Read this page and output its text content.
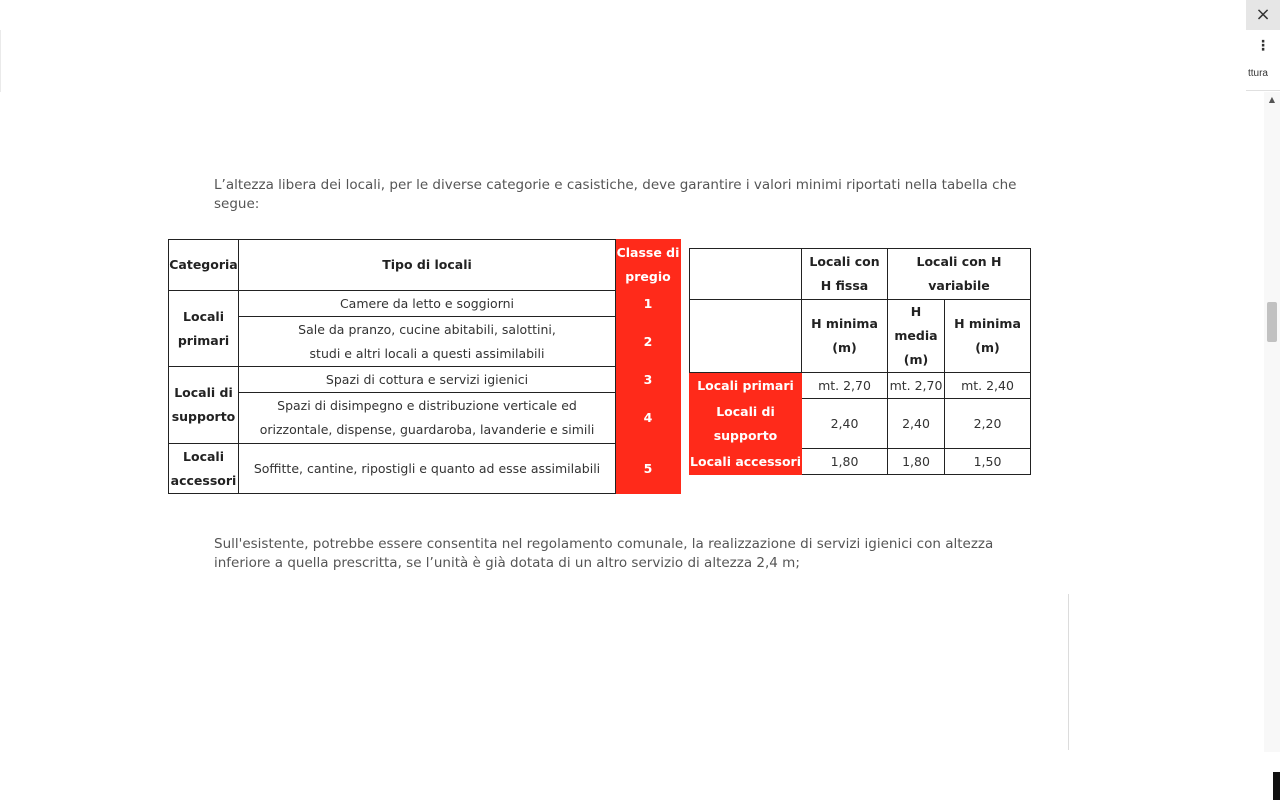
×
⋮
ttura
▲

L’altezza libera dei locali, per le diverse categorie e casistiche, deve garantire i valori minimi riportati nella tabella che segue:

Categoria	Tipo di locali	Classe di pregio
Locali primari	Camere da letto e soggiorni	1
	Sale da pranzo, cucine abitabili, salottini, studi e altri locali a questi assimilabili	2
Locali di supporto	Spazi di cottura e servizi igienici	3
	Spazi di disimpegno e distribuzione verticale ed orizzontale, dispense, guardaroba, lavanderie e simili	4
Locali accessori	Soffitte, cantine, ripostigli e quanto ad esse assimilabili	5
	Locali con H fissa	Locali con H variabile	
	H minima (m)	H media (m)	H minima (m)
Locali primari	mt. 2,70	mt. 2,70	mt. 2,40
Locali di supporto	2,40	2,40	2,20
Locali accessori	1,80	1,80	1,50

Sull'esistente, potrebbe essere consentita nel regolamento comunale, la realizzazione di servizi igienici con altezza inferiore a quella prescritta, se l’unità è già dotata di un altro servizio di altezza 2,4 m;
